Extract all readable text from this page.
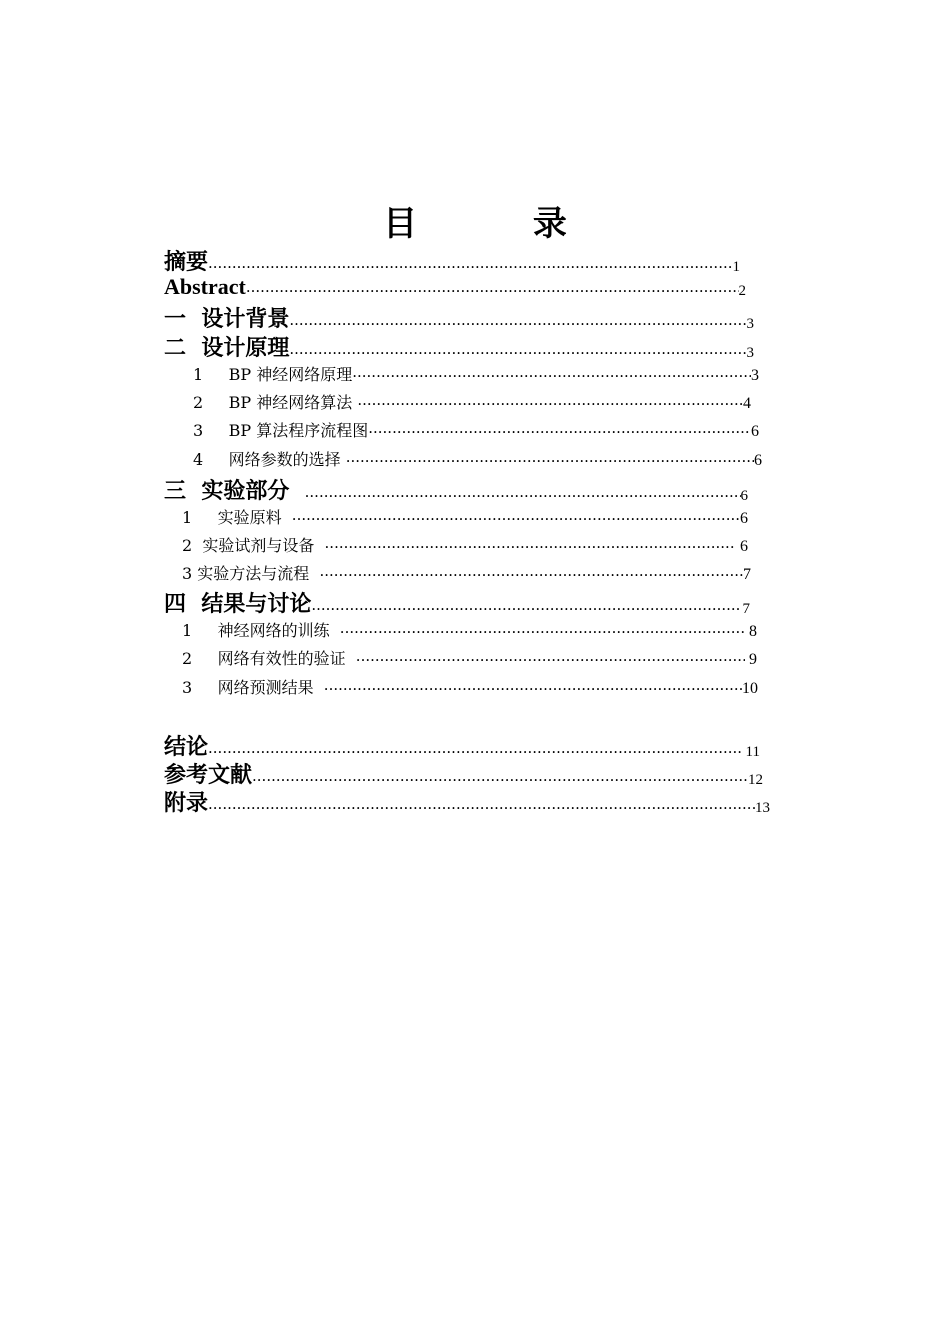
目 录
摘要 ·····	1
Abstract ·····	2
一  设计背景 ·····	3
二  设计原理 ·····	3
1     BP 神经网络原理 ·····	3
2     BP 神经网络算法 ·····	4
3     BP 算法程序流程图 ·····	6
4     网络参数的选择 ·····	6
三  实验部分 ·····	6
1     实验原料 ·····	6
2  实验试剂与设备 ·····	6
3 实验方法与流程 ·····	7
四  结果与讨论 ·····	7
1     神经网络的训练 ·····	8
2     网络有效性的验证 ·····	9
3     网络预测结果 ·····	10
结论 ·····	11
参考文献 ·····	12
附录 ·····	13
